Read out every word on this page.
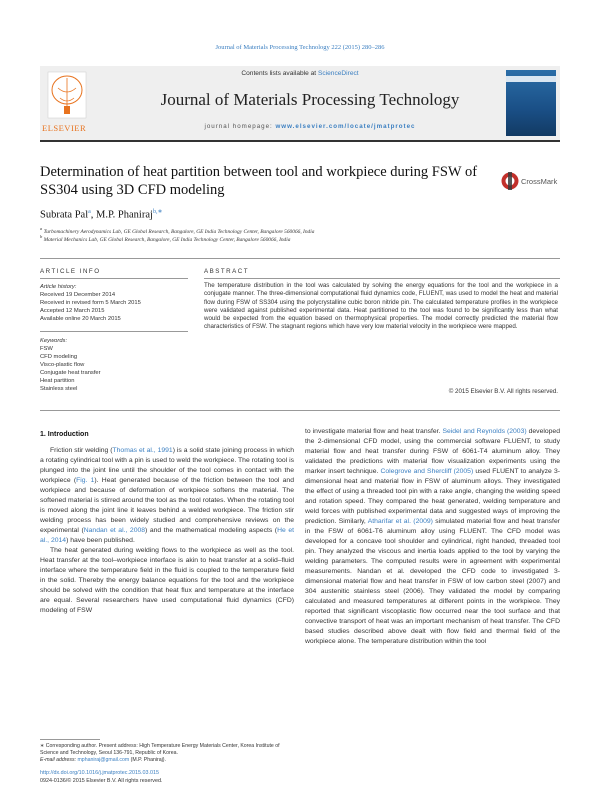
Journal of Materials Processing Technology 222 (2015) 280–286
ELSEVIER
Contents lists available at ScienceDirect
Journal of Materials Processing Technology
journal homepage: www.elsevier.com/locate/jmatprotec
Determination of heat partition between tool and workpiece during FSW of SS304 using 3D CFD modeling
CrossMark
Subrata Pal$^a$, M.P. Phaniraj$^{b,∗}$
$^a$ Turbomachinery Aerodynamics Lab, GE Global Research, Bangalore, GE India Technology Center, Bangalore 560066, India
$^b$ Material Mechanics Lab, GE Global Research, Bangalore, GE India Technology Center, Bangalore 560066, India
ARTICLE INFO
Article history:
Received 19 December 2014
Received in revised form 5 March 2015
Accepted 12 March 2015
Available online 20 March 2015
Keywords:
FSW
CFD modeling
Visco-plastic flow
Conjugate heat transfer
Heat partition
Stainless steel
ABSTRACT
The temperature distribution in the tool was calculated by solving the energy equations for the tool and the workpiece in a conjugate manner. The three-dimensional computational fluid dynamics code, FLUENT, was used to model the heat and material flow during FSW of SS304 using the polycrystalline cubic boron nitride pin. The calculated temperature profiles in the workpiece were validated against published experimental data. Heat partitioned to the tool was found to be significantly less than what would be expected from the equation based on thermophysical properties. The model correctly predicted the material flow characteristics of FSW. The stagnant regions which have very low material velocity in the workpiece were mapped.
© 2015 Elsevier B.V. All rights reserved.
1. Introduction

Friction stir welding (Thomas et al., 1991) is a solid state joining process in which a rotating cylindrical tool with a pin is used to weld the workpiece. The rotating tool is plunged into the joint line until the shoulder of the tool comes in contact with the workpiece (Fig. 1). Heat generated because of the friction between the tool and workpiece and because of deformation of workpiece softens the material. The softened material is stirred around the tool as the tool rotates. When the rotating tool is moved along the joint line it leaves behind a welded workpiece. The friction stir welding process has been widely studied and comprehensive reviews on the experimental (Nandan et al., 2008) and the mathematical modeling aspects (He et al., 2014) have been published.

The heat generated during welding flows to the workpiece as well as the tool. Heat transfer at the tool–workpiece interface is akin to heat transfer at a solid–fluid interface where the temperature field in the fluid is coupled to the temperature field in the solid. Thereby the energy balance equations for the tool and the workpiece should be solved with the condition that heat flux and temperature at the interface are equal. Several researchers have used computational fluid dynamics (CFD) modeling of FSW

to investigate material flow and heat transfer. Seidel and Reynolds (2003) developed the 2-dimensional CFD model, using the commercial software FLUENT, to study material flow and heat transfer during FSW of 6061-T4 aluminum alloy. They validated the predictions with material flow visualization experiments using the marker insert technique. Colegrove and Shercliff (2005) used FLUENT to analyze 3-dimensional heat and material flow in FSW of aluminum alloys. They investigated the effect of using a threaded tool pin with a rake angle, changing the welding speed and rotation speed. They compared the heat generated, welding temperature and weld forces with published experimental data and suggested ways of improving the prediction. Similarly, Atharifar et al. (2009) simulated material flow and heat transfer in the FSW of 6061-T6 aluminum alloy using FLUENT. The CFD model was developed for a concave tool shoulder and cylindrical, right handed, threaded tool pin. They analyzed the viscous and inertia loads applied to the tool by varying the welding parameters. The computed results were in agreement with experimental measurements. Nandan et al. developed the CFD code to investigated 3-dimensional material flow and heat transfer in FSW of low carbon steel (2007) and 304 austenitic stainless steel (2006). They validated the model by comparing calculated and measured temperatures at different points in the workpiece. They reported that significant viscoplastic flow occurred near the tool surface and that convective transport of heat was an important mechanism of heat transfer. The CFD based studies described above dealt with flow field and thermal field of the workpiece alone. The temperature distribution within the tool

∗ Corresponding author. Present address: High Temperature Energy Materials Center, Korea Institute of Science and Technology, Seoul 136-791, Republic of Korea.
E-mail address: mphaniraj@gmail.com (M.P. Phaniraj).
http://dx.doi.org/10.1016/j.jmatprotec.2015.03.015
0924-0136/© 2015 Elsevier B.V. All rights reserved.
